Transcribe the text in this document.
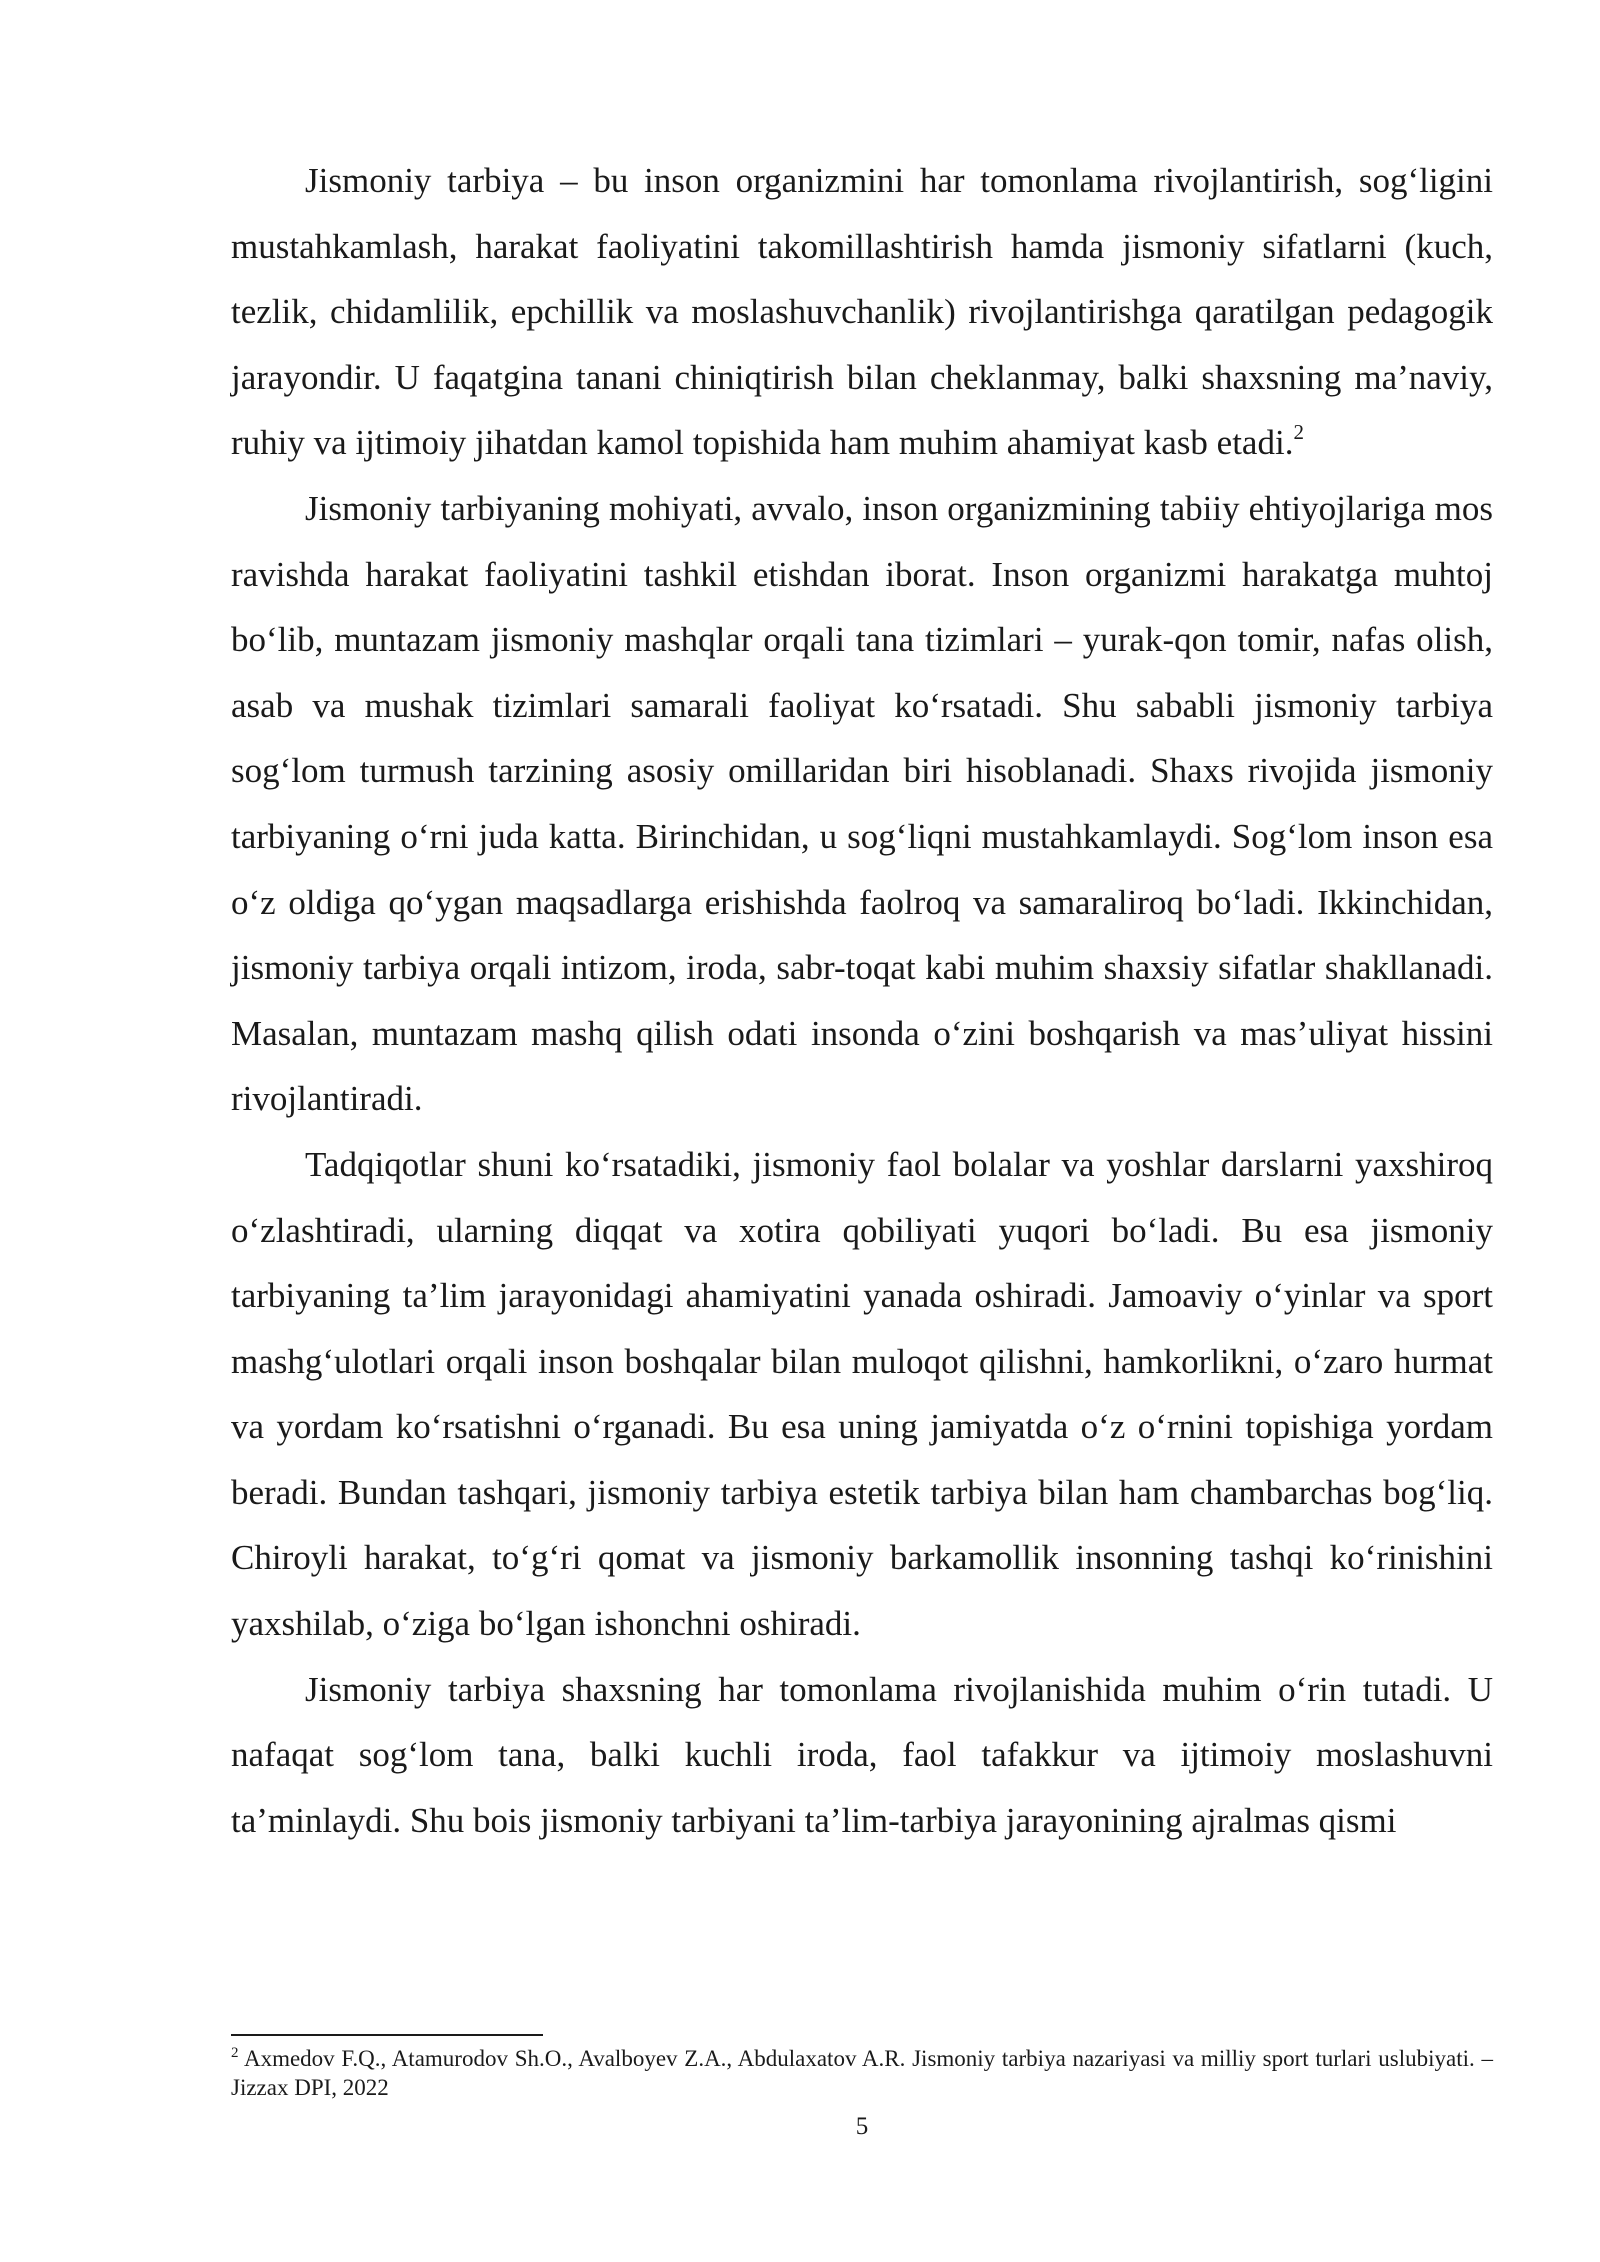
Jismoniy tarbiya – bu inson organizmini har tomonlama rivojlantirish, sog‘ligini mustahkamlash, harakat faoliyatini takomillashtirish hamda jismoniy sifatlarni (kuch, tezlik, chidamlilik, epchillik va moslashuvchanlik) rivojlantirishga qaratilgan pedagogik jarayondir. U faqatgina tanani chiniqtirish bilan cheklanmay, balki shaxsning ma’naviy, ruhiy va ijtimoiy jihatdan kamol topishida ham muhim ahamiyat kasb etadi.$^2$

Jismoniy tarbiyaning mohiyati, avvalo, inson organizmining tabiiy ehtiyojlariga mos ravishda harakat faoliyatini tashkil etishdan iborat. Inson organizmi harakatga muhtoj bo‘lib, muntazam jismoniy mashqlar orqali tana tizimlari – yurak-qon tomir, nafas olish, asab va mushak tizimlari samarali faoliyat ko‘rsatadi. Shu sababli jismoniy tarbiya sog‘lom turmush tarzining asosiy omillaridan biri hisoblanadi. Shaxs rivojida jismoniy tarbiyaning o‘rni juda katta. Birinchidan, u sog‘liqni mustahkamlaydi. Sog‘lom inson esa o‘z oldiga qo‘ygan maqsadlarga erishishda faolroq va samaraliroq bo‘ladi. Ikkinchidan, jismoniy tarbiya orqali intizom, iroda, sabr-toqat kabi muhim shaxsiy sifatlar shakllanadi. Masalan, muntazam mashq qilish odati insonda o‘zini boshqarish va mas’uliyat hissini rivojlantiradi.

Tadqiqotlar shuni ko‘rsatadiki, jismoniy faol bolalar va yoshlar darslarni yaxshiroq o‘zlashtiradi, ularning diqqat va xotira qobiliyati yuqori bo‘ladi. Bu esa jismoniy tarbiyaning ta’lim jarayonidagi ahamiyatini yanada oshiradi. Jamoaviy o‘yinlar va sport mashg‘ulotlari orqali inson boshqalar bilan muloqot qilishni, hamkorlikni, o‘zaro hurmat va yordam ko‘rsatishni o‘rganadi. Bu esa uning jamiyatda o‘z o‘rnini topishiga yordam beradi. Bundan tashqari, jismoniy tarbiya estetik tarbiya bilan ham chambarchas bog‘liq. Chiroyli harakat, to‘g‘ri qomat va jismoniy barkamollik insonning tashqi ko‘rinishini yaxshilab, o‘ziga bo‘lgan ishonchni oshiradi.

Jismoniy tarbiya shaxsning har tomonlama rivojlanishida muhim o‘rin tutadi. U nafaqat sog‘lom tana, balki kuchli iroda, faol tafakkur va ijtimoiy moslashuvni ta’minlaydi. Shu bois jismoniy tarbiyani ta’lim-tarbiya jarayonining ajralmas qismi

$^2$ Axmedov F.Q., Atamurodov Sh.O., Avalboyev Z.A., Abdulaxatov A.R. Jismoniy tarbiya nazariyasi va milliy sport turlari uslubiyati. – Jizzax DPI, 2022

5
